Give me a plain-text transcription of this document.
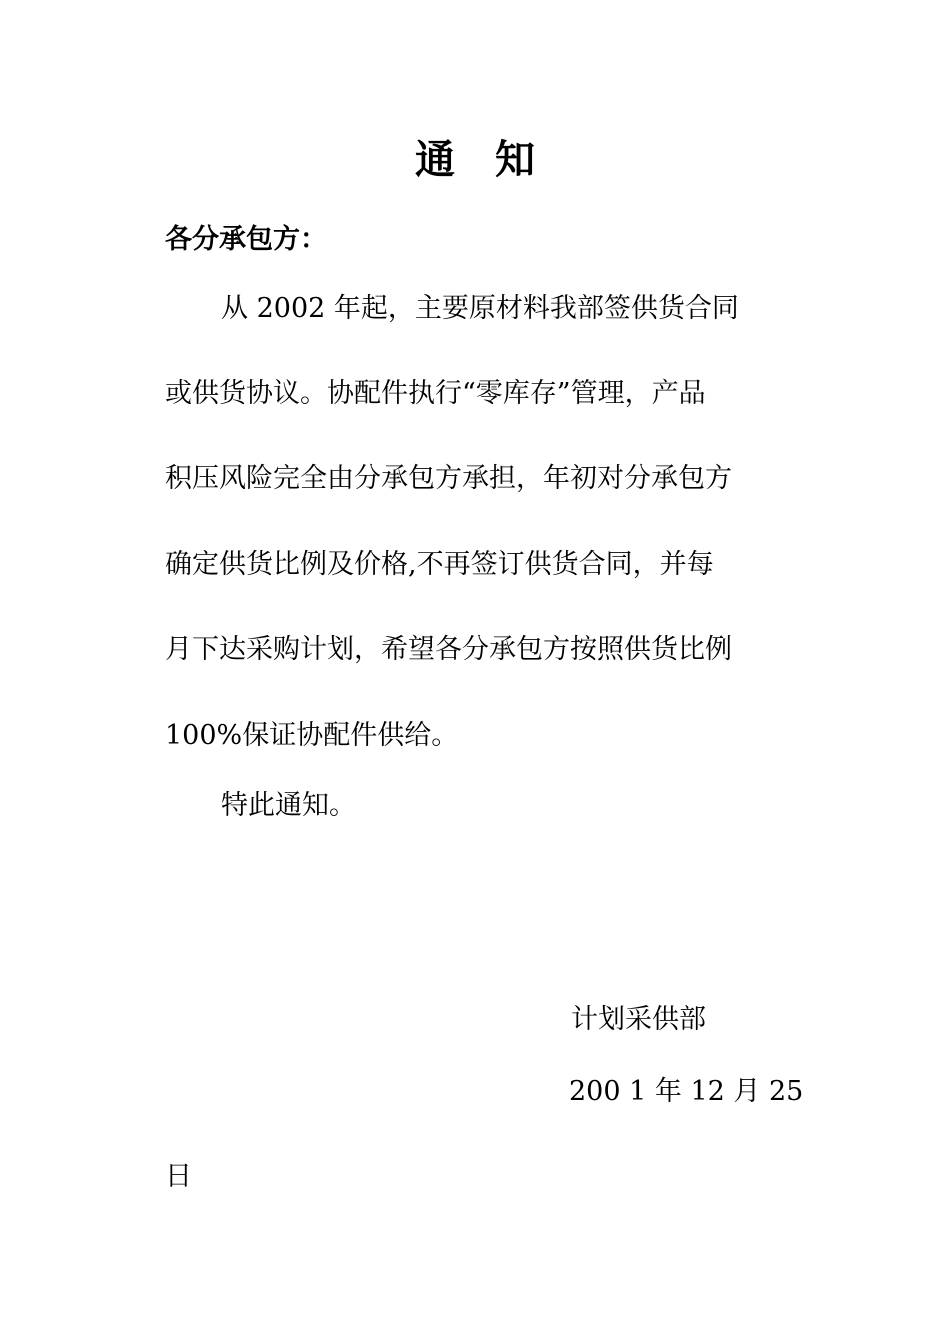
通 知
各分承包方：
从 2002 年起，主要原材料我部签供货合同
或供货协议。协配件执行“零库存”管理，产品
积压风险完全由分承包方承担，年初对分承包方
确定供货比例及价格,不再签订供货合同，并每
月下达采购计划，希望各分承包方按照供货比例
100%保证协配件供给。
特此通知。
计划采供部
200 1 年 12 月 25
日
